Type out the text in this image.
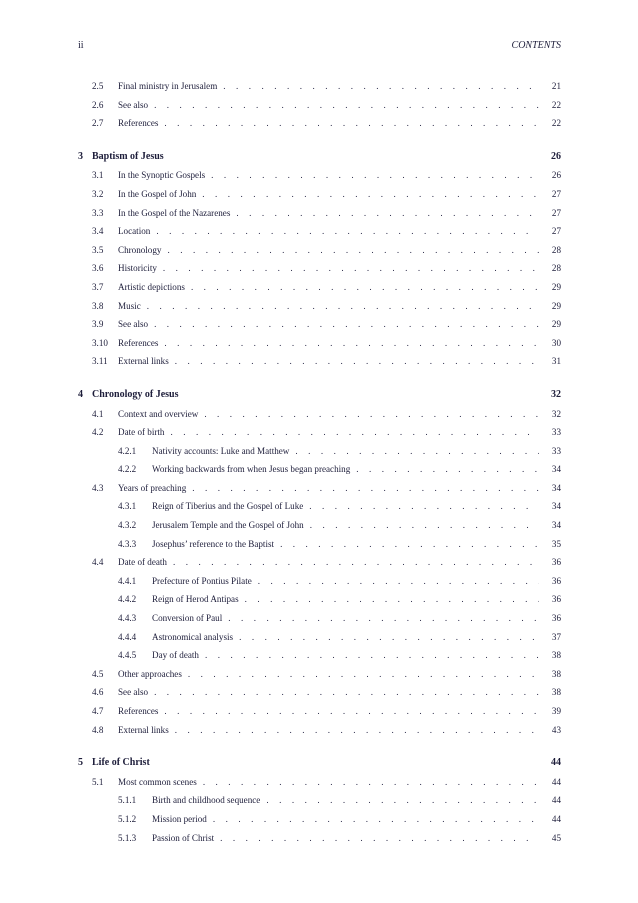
ii	CONTENTS
2.5 Final ministry in Jerusalem . . .	21
2.6 See also . . .	22
2.7 References . . .	22
3 Baptism of Jesus	26
3.1 In the Synoptic Gospels . . .	26
3.2 In the Gospel of John . . .	27
3.3 In the Gospel of the Nazarenes . . .	27
3.4 Location . . .	27
3.5 Chronology . . .	28
3.6 Historicity . . .	28
3.7 Artistic depictions . . .	29
3.8 Music . . .	29
3.9 See also . . .	29
3.10 References . . .	30
3.11 External links . . .	31
4 Chronology of Jesus	32
4.1 Context and overview . . .	32
4.2 Date of birth . . .	33
4.2.1 Nativity accounts: Luke and Matthew . . .	33
4.2.2 Working backwards from when Jesus began preaching . . .	34
4.3 Years of preaching . . .	34
4.3.1 Reign of Tiberius and the Gospel of Luke . . .	34
4.3.2 Jerusalem Temple and the Gospel of John . . .	34
4.3.3 Josephus’ reference to the Baptist . . .	35
4.4 Date of death . . .	36
4.4.1 Prefecture of Pontius Pilate . . .	36
4.4.2 Reign of Herod Antipas . . .	36
4.4.3 Conversion of Paul . . .	36
4.4.4 Astronomical analysis . . .	37
4.4.5 Day of death . . .	38
4.5 Other approaches . . .	38
4.6 See also . . .	38
4.7 References . . .	39
4.8 External links . . .	43
5 Life of Christ	44
5.1 Most common scenes . . .	44
5.1.1 Birth and childhood sequence . . .	44
5.1.2 Mission period . . .	44
5.1.3 Passion of Christ . . .	45
